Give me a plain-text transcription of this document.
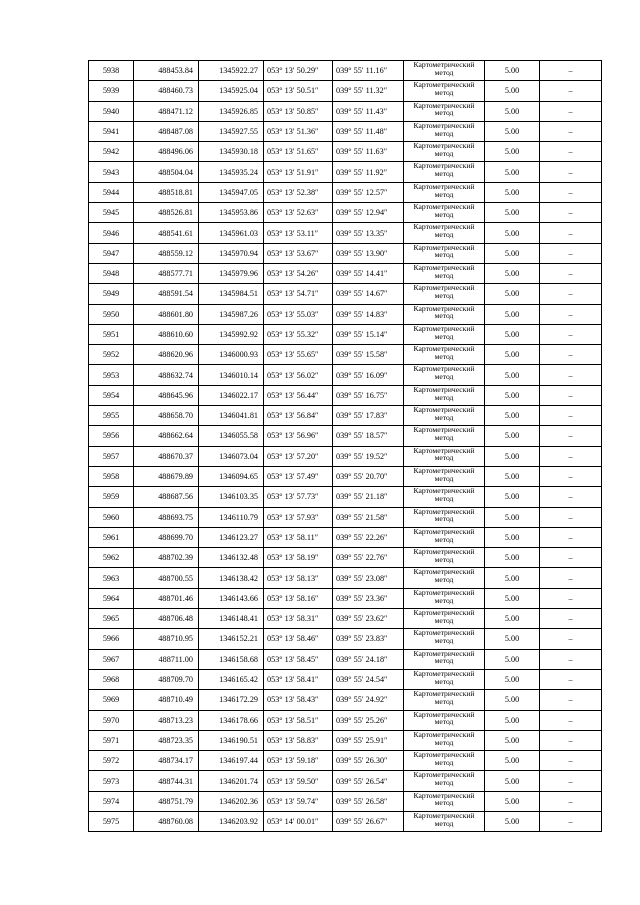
5938	488453.84	1345922.27	053° 13′ 50.29″	039° 55′ 11.16″	Картометрический метод	5.00	–
5939	488460.73	1345925.04	053° 13′ 50.51″	039° 55′ 11.32″	Картометрический метод	5.00	–
5940	488471.12	1345926.85	053° 13′ 50.85″	039° 55′ 11.43″	Картометрический метод	5.00	–
5941	488487.08	1345927.55	053° 13′ 51.36″	039° 55′ 11.48″	Картометрический метод	5.00	–
5942	488496.06	1345930.18	053° 13′ 51.65″	039° 55′ 11.63″	Картометрический метод	5.00	–
5943	488504.04	1345935.24	053° 13′ 51.91″	039° 55′ 11.92″	Картометрический метод	5.00	–
5944	488518.81	1345947.05	053° 13′ 52.38″	039° 55′ 12.57″	Картометрический метод	5.00	–
5945	488526.81	1345953.86	053° 13′ 52.63″	039° 55′ 12.94″	Картометрический метод	5.00	–
5946	488541.61	1345961.03	053° 13′ 53.11″	039° 55′ 13.35″	Картометрический метод	5.00	–
5947	488559.12	1345970.94	053° 13′ 53.67″	039° 55′ 13.90″	Картометрический метод	5.00	–
5948	488577.71	1345979.96	053° 13′ 54.26″	039° 55′ 14.41″	Картометрический метод	5.00	–
5949	488591.54	1345984.51	053° 13′ 54.71″	039° 55′ 14.67″	Картометрический метод	5.00	–
5950	488601.80	1345987.26	053° 13′ 55.03″	039° 55′ 14.83″	Картометрический метод	5.00	–
5951	488610.60	1345992.92	053° 13′ 55.32″	039° 55′ 15.14″	Картометрический метод	5.00	–
5952	488620.96	1346000.93	053° 13′ 55.65″	039° 55′ 15.58″	Картометрический метод	5.00	–
5953	488632.74	1346010.14	053° 13′ 56.02″	039° 55′ 16.09″	Картометрический метод	5.00	–
5954	488645.96	1346022.17	053° 13′ 56.44″	039° 55′ 16.75″	Картометрический метод	5.00	–
5955	488658.70	1346041.81	053° 13′ 56.84″	039° 55′ 17.83″	Картометрический метод	5.00	–
5956	488662.64	1346055.58	053° 13′ 56.96″	039° 55′ 18.57″	Картометрический метод	5.00	–
5957	488670.37	1346073.04	053° 13′ 57.20″	039° 55′ 19.52″	Картометрический метод	5.00	–
5958	488679.89	1346094.65	053° 13′ 57.49″	039° 55′ 20.70″	Картометрический метод	5.00	–
5959	488687.56	1346103.35	053° 13′ 57.73″	039° 55′ 21.18″	Картометрический метод	5.00	–
5960	488693.75	1346110.79	053° 13′ 57.93″	039° 55′ 21.58″	Картометрический метод	5.00	–
5961	488699.70	1346123.27	053° 13′ 58.11″	039° 55′ 22.26″	Картометрический метод	5.00	–
5962	488702.39	1346132.48	053° 13′ 58.19″	039° 55′ 22.76″	Картометрический метод	5.00	–
5963	488700.55	1346138.42	053° 13′ 58.13″	039° 55′ 23.08″	Картометрический метод	5.00	–
5964	488701.46	1346143.66	053° 13′ 58.16″	039° 55′ 23.36″	Картометрический метод	5.00	–
5965	488706.48	1346148.41	053° 13′ 58.31″	039° 55′ 23.62″	Картометрический метод	5.00	–
5966	488710.95	1346152.21	053° 13′ 58.46″	039° 55′ 23.83″	Картометрический метод	5.00	–
5967	488711.00	1346158.68	053° 13′ 58.45″	039° 55′ 24.18″	Картометрический метод	5.00	–
5968	488709.70	1346165.42	053° 13′ 58.41″	039° 55′ 24.54″	Картометрический метод	5.00	–
5969	488710.49	1346172.29	053° 13′ 58.43″	039° 55′ 24.92″	Картометрический метод	5.00	–
5970	488713.23	1346178.66	053° 13′ 58.51″	039° 55′ 25.26″	Картометрический метод	5.00	–
5971	488723.35	1346190.51	053° 13′ 58.83″	039° 55′ 25.91″	Картометрический метод	5.00	–
5972	488734.17	1346197.44	053° 13′ 59.18″	039° 55′ 26.30″	Картометрический метод	5.00	–
5973	488744.31	1346201.74	053° 13′ 59.50″	039° 55′ 26.54″	Картометрический метод	5.00	–
5974	488751.79	1346202.36	053° 13′ 59.74″	039° 55′ 26.58″	Картометрический метод	5.00	–
5975	488760.08	1346203.92	053° 14′ 00.01″	039° 55′ 26.67″	Картометрический метод	5.00	–
